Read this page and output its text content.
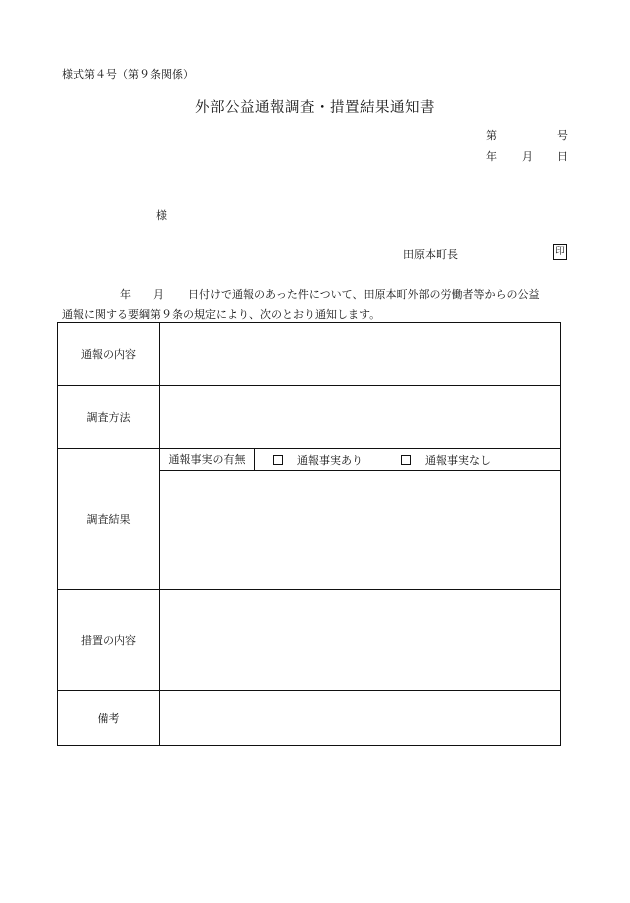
様式第４号（第９条関係）
外部公益通報調査・措置結果通知書
第	号
年 月 日
様
田原本町長	印
年 月 日付けで通報のあった件について、田原本町外部の労働者等からの公益
通報に関する要綱第９条の規定により、次のとおり通知します。
通報の内容	
調査方法	
調査結果	通報事実の有無 通報事実あり 通報事実なし

措置の内容	
備考	
